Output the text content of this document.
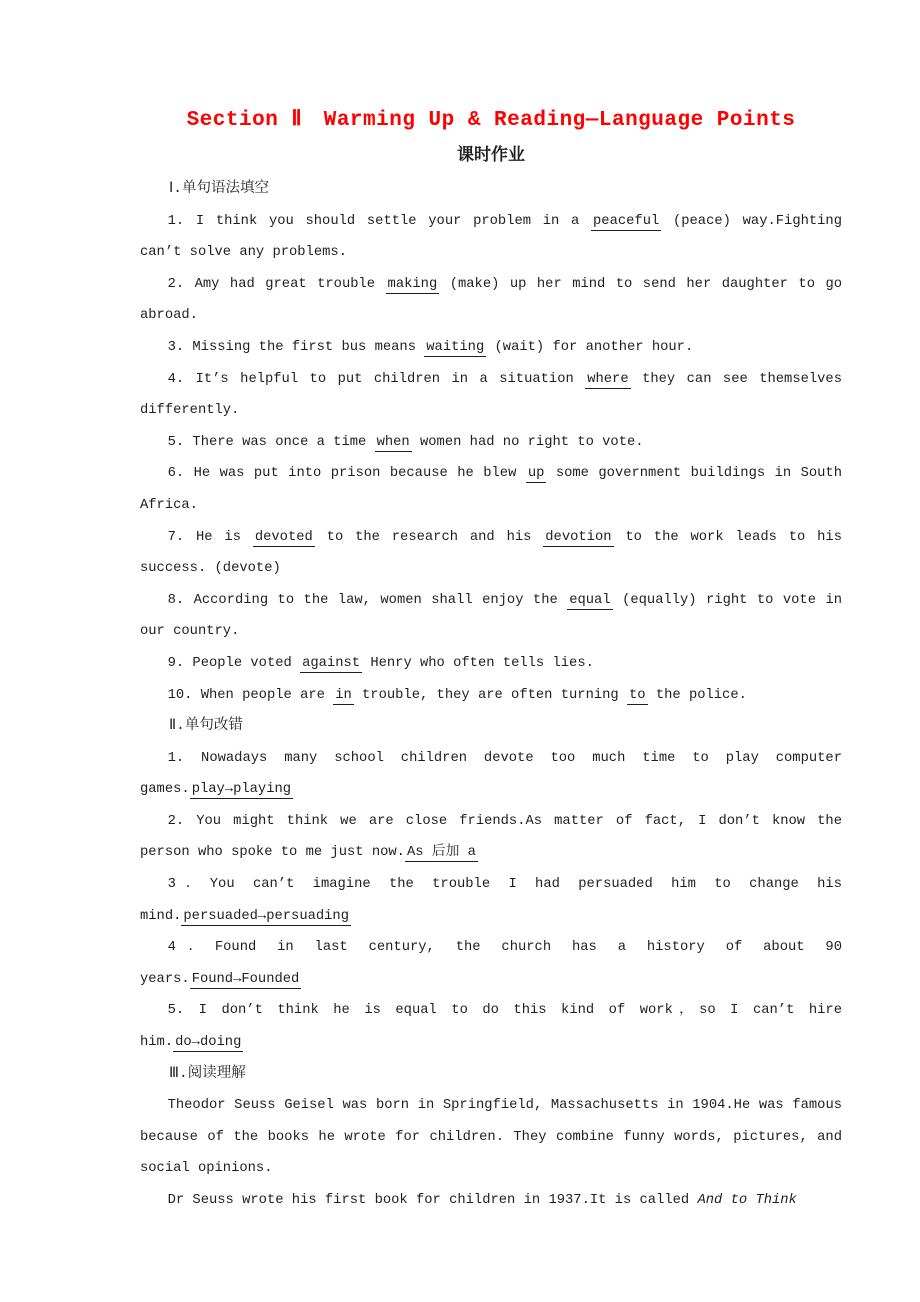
Section Ⅱ　Warming Up & Reading—Language Points
课时作业
Ⅰ.单句语法填空
1. I think you should settle your problem in a peaceful (peace) way.Fighting can’t solve any problems.
2. Amy had great trouble making (make) up her mind to send her daughter to go abroad.
3. Missing the first bus means waiting (wait) for another hour.
4. It’s helpful to put children in a situation where they can see themselves differently.
5. There was once a time when women had no right to vote.
6. He was put into prison because he blew up some government buildings in South Africa.
7. He is devoted to the research and his devotion to the work leads to his success. (devote)
8. According to the law, women shall enjoy the equal (equally) right to vote in our country.
9. People voted against Henry who often tells lies.
10. When people are in trouble, they are often turning to the police.
Ⅱ.单句改错
1. Nowadays many school children devote too much time to play computer games. play→playing
2. You might think we are close friends.As matter of fact, I don’t know the person who spoke to me just now. As 后加 a
3．You can’t imagine the trouble I had persuaded him to change his mind. persuaded→persuading
4．Found in last century, the church has a history of about 90 years. Found→Founded
5. I don’t think he is equal to do this kind of work，so I can’t hire him. do→doing
Ⅲ.阅读理解
Theodor Seuss Geisel was born in Springfield, Massachusetts in 1904.He was famous because of the books he wrote for children. They combine funny words, pictures, and social opinions.
Dr Seuss wrote his first book for children in 1937.It is called And to Think
